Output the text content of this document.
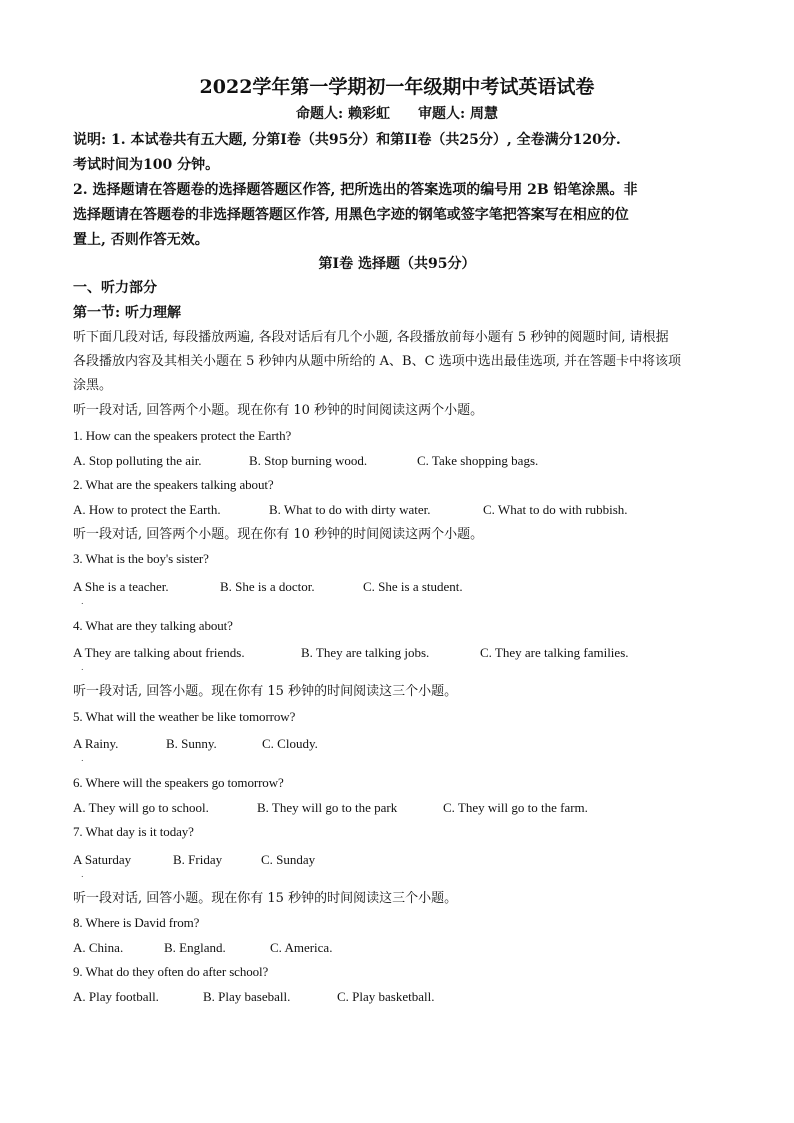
2022学年第一学期初一年级期中考试英语试卷
命题人: 赖彩虹 审题人: 周慧
说明: 1. 本试卷共有五大题, 分第Ⅰ卷（共95分）和第II卷（共25分）, 全卷满分120分.
考试时间为100 分钟。
2. 选择题请在答题卷的选择题答题区作答, 把所选出的答案选项的编号用 2B 铅笔涂黑。非
选择题请在答题卷的非选择题答题区作答, 用黑色字迹的钢笔或签字笔把答案写在相应的位
置上, 否则作答无效。
第Ⅰ卷 选择题（共95分）
一、听力部分
第一节: 听力理解
听下面几段对话, 每段播放两遍, 各段对话后有几个小题, 各段播放前每小题有 5 秒钟的阅题时间, 请根据
各段播放内容及其相关小题在 5 秒钟内从题中所给的 A、B、C 选项中选出最佳选项, 并在答题卡中将该项
涂黑。
听一段对话, 回答两个小题。现在你有 10 秒钟的时间阅读这两个小题。
1. How can the speakers protect the Earth?
A. Stop polluting the air.	B. Stop burning wood.	C. Take shopping bags.
2. What are the speakers talking about?
A. How to protect the Earth.	B. What to do with dirty water.	C. What to do with rubbish.
听一段对话, 回答两个小题。现在你有 10 秒钟的时间阅读这两个小题。
3. What is the boy's sister?
A She is a teacher.	B. She is a doctor.	C. She is a student.
.
4. What are they talking about?
A They are talking about friends.	B. They are talking jobs.	C. They are talking families.
.
听一段对话, 回答小题。现在你有 15 秒钟的时间阅读这三个小题。
5. What will the weather be like tomorrow?
A Rainy.	B. Sunny.	C. Cloudy.
.
6. Where will the speakers go tomorrow?
A. They will go to school.	B. They will go to the park	C. They will go to the farm.
7. What day is it today?
A Saturday	B. Friday	C. Sunday
.
听一段对话, 回答小题。现在你有 15 秒钟的时间阅读这三个小题。
8. Where is David from?
A. China.	B. England.	C. America.
9. What do they often do after school?
A. Play football.	B. Play baseball.	C. Play basketball.
